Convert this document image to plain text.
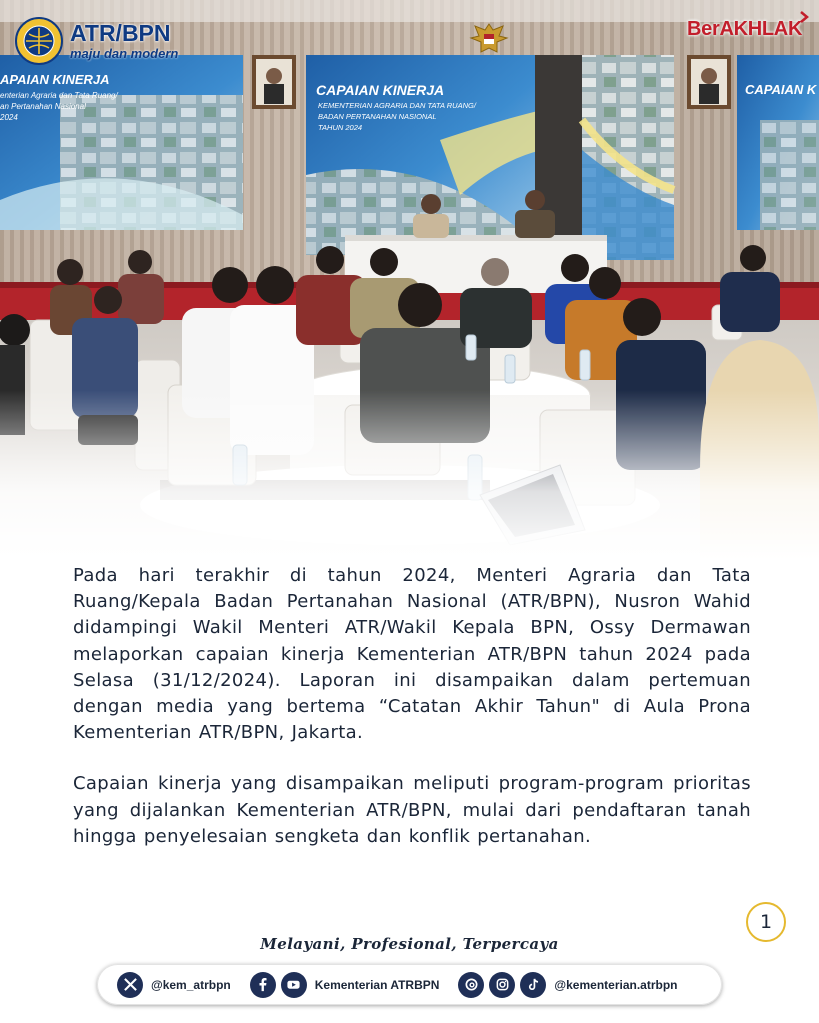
APAIAN KINERJA
enterian Agraria dan Tata Ruang/
an Pertanahan Nasional
2024
CAPAIAN KINERJA
KEMENTERIAN AGRARIA DAN TATA RUANG/
BADAN PERTANAHAN NASIONAL
TAHUN 2024
CAPAIAN K
ATR/BPN
maju dan modern
BerAKHLAK

Pada hari terakhir di tahun 2024, Menteri Agraria dan Tata Ruang/Kepala Badan Pertanahan Nasional (ATR/BPN), Nusron Wahid didampingi Wakil Menteri ATR/Wakil Kepala BPN, Ossy Dermawan melaporkan capaian kinerja Kementerian ATR/BPN tahun 2024 pada Selasa (31/12/2024). Laporan ini disampaikan dalam pertemuan dengan media yang bertema “Catatan Akhir Tahun" di Aula Prona Kementerian ATR/BPN, Jakarta.

Capaian kinerja yang disampaikan meliputi program-program prioritas yang dijalankan Kementerian ATR/BPN, mulai dari pendaftaran tanah hingga penyelesaian sengketa dan konflik pertanahan.

1
Melayani, Profesional, Terpercaya
@kem_atrbpn	Kementerian ATRBPN	@kementerian.atrbpn
